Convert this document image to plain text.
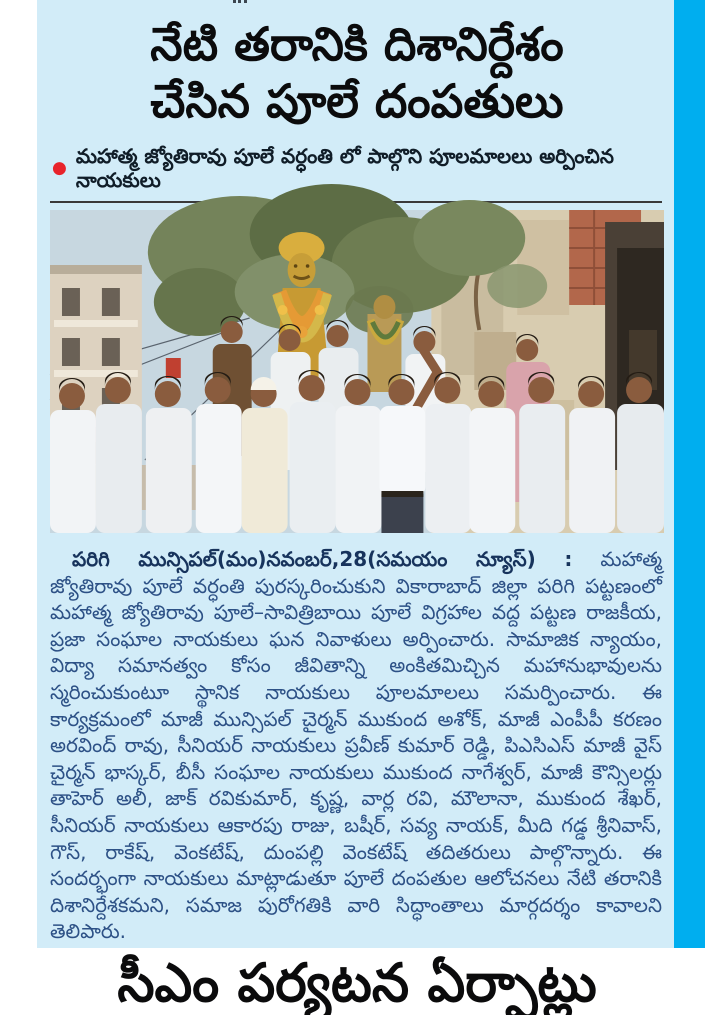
నేటి తరానికి దిశానిర్దేశం
చేసిన పూలే దంపతులు
● మహాత్మ జ్యోతిరావు పూలే వర్ధంతి లో పాల్గొని పూలమాలలు అర్పించిన నాయకులు

పరిగి మున్సిపల్(మం)నవంబర్,28(సమయం న్యూస్) : మహాత్మ జ్యోతిరావు పూలే వర్ధంతి పురస్కరించుకుని వికారాబాద్ జిల్లా పరిగి పట్టణంలో మహాత్మ జ్యోతిరావు పూలే–సావిత్రిబాయి పూలే విగ్రహాల వద్ద పట్టణ రాజకీయ, ప్రజా సంఘాల నాయకులు ఘన నివాళులు అర్పించారు. సామాజిక న్యాయం, విద్యా సమానత్వం కోసం జీవితాన్ని అంకితమిచ్చిన మహానుభావులను స్మరించుకుంటూ స్థానిక నాయకులు పూలమాలలు సమర్పించారు. ఈ కార్యక్రమంలో మాజీ మున్సిపల్ చైర్మన్ ముకుంద అశోక్, మాజీ ఎంపీపీ కరణం అరవింద్ రావు, సీనియర్ నాయకులు ప్రవీణ్ కుమార్ రెడ్డి, పిఎసిఎస్ మాజీ వైస్ చైర్మన్ భాస్కర్, బీసీ సంఘాల నాయకులు ముకుంద నాగేశ్వర్, మాజీ కౌన్సిలర్లు తాహెర్ అలీ, జాక్ రవికుమార్, కృష్ణ, వార్ల రవి, మౌలానా, ముకుంద శేఖర్, సీనియర్ నాయకులు ఆకారపు రాజు, బషీర్, సవ్య నాయక్, మీది గడ్డ శ్రీనివాస్, గౌస్, రాకేష్, వెంకటేష్, దుంపల్లి వెంకటేష్ తదితరులు పాల్గొన్నారు. ఈ సందర్భంగా నాయకులు మాట్లాడుతూ పూలే దంపతుల ఆలోచనలు నేటి తరానికి దిశానిర్దేశకమని, సమాజ పురోగతికి వారి సిద్ధాంతాలు మార్గదర్శం కావాలని తెలిపారు.

సీఎం పర్యటన ఏర్పాట్లు
